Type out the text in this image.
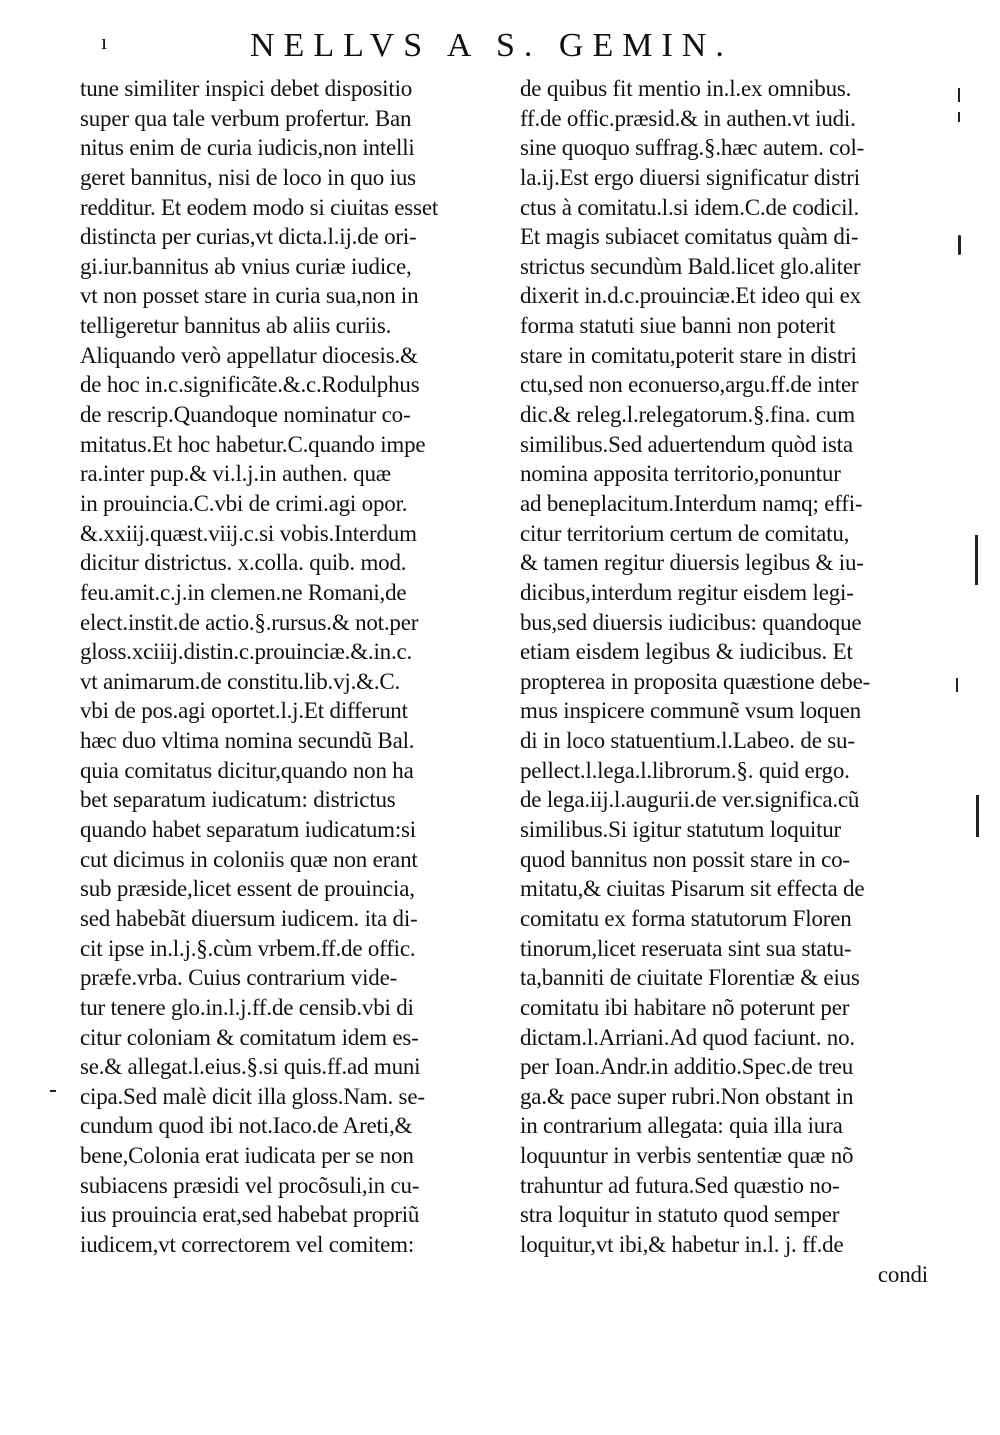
ı	NELLVS A S. GEMIN.
tune similiter inspici debet dispositio
super qua tale verbum profertur. Ban
nitus enim de curia iudicis,non intelli
geret bannitus, nisi de loco in quo ius
redditur. Et eodem modo si ciuitas esset
distincta per curias,vt dicta.l.ij.de ori-
gi.iur.bannitus ab vnius curiæ iudice,
vt non posset stare in curia sua,non in
telligeretur bannitus ab aliis curiis.
Aliquando verò appellatur diocesis.&
de hoc in.c.significãte.&.c.Rodulphus
de rescrip.Quandoque nominatur co-
mitatus.Et hoc habetur.C.quando impe
ra.inter pup.& vi.l.j.in authen. quæ
in prouincia.C.vbi de crimi.agi opor.
&.xxiij.quæst.viij.c.si vobis.Interdum
dicitur districtus. x.colla. quib. mod.
feu.amit.c.j.in clemen.ne Romani,de
elect.instit.de actio.§.rursus.& not.per
gloss.xciiij.distin.c.prouinciæ.&.in.c.
vt animarum.de constitu.lib.vj.&.C.
vbi de pos.agi oportet.l.j.Et differunt
hæc duo vltima nomina secundũ Bal.
quia comitatus dicitur,quando non ha
bet separatum iudicatum: districtus
quando habet separatum iudicatum:si
cut dicimus in coloniis quæ non erant
sub præside,licet essent de prouincia,
sed habebãt diuersum iudicem. ita di-
cit ipse in.l.j.§.cùm vrbem.ff.de offic.
præfe.vrba. Cuius contrarium vide-
tur tenere glo.in.l.j.ff.de censib.vbi di
citur coloniam & comitatum idem es-
se.& allegat.l.eius.§.si quis.ff.ad muni
cipa.Sed malè dicit illa gloss.Nam. se-
cundum quod ibi not.Iaco.de Areti,&
bene,Colonia erat iudicata per se non
subiacens præsidi vel procõsuli,in cu-
ius prouincia erat,sed habebat propriũ
iudicem,vt correctorem vel comitem:
de quibus fit mentio in.l.ex omnibus.
ff.de offic.præsid.& in authen.vt iudi.
sine quoquo suffrag.§.hæc autem. col-
la.ij.Est ergo diuersi significatur distri
ctus à comitatu.l.si idem.C.de codicil.
Et magis subiacet comitatus quàm di-
strictus secundùm Bald.licet glo.aliter
dixerit in.d.c.prouinciæ.Et ideo qui ex
forma statuti siue banni non poterit
stare in comitatu,poterit stare in distri
ctu,sed non econuerso,argu.ff.de inter
dic.& releg.l.relegatorum.§.fina. cum
similibus.Sed aduertendum quòd ista
nomina apposita territorio,ponuntur
ad beneplacitum.Interdum namq; effi-
citur territorium certum de comitatu,
& tamen regitur diuersis legibus & iu-
dicibus,interdum regitur eisdem legi-
bus,sed diuersis iudicibus: quandoque
etiam eisdem legibus & iudicibus. Et
propterea in proposita quæstione debe-
mus inspicere communẽ vsum loquen
di in loco statuentium.l.Labeo. de su-
pellect.l.lega.l.librorum.§. quid ergo.
de lega.iij.l.augurii.de ver.significa.cũ
similibus.Si igitur statutum loquitur
quod bannitus non possit stare in co-
mitatu,& ciuitas Pisarum sit effecta de
comitatu ex forma statutorum Floren
tinorum,licet reseruata sint sua statu-
ta,banniti de ciuitate Florentiæ & eius
comitatu ibi habitare nõ poterunt per
dictam.l.Arriani.Ad quod faciunt. no.
per Ioan.Andr.in additio.Spec.de treu
ga.& pace super rubri.Non obstant in
in contrarium allegata: quia illa iura
loquuntur in verbis sententiæ quæ nõ
trahuntur ad futura.Sed quæstio no-
stra loquitur in statuto quod semper
loquitur,vt ibi,& habetur in.l. j. ff.de
condi
